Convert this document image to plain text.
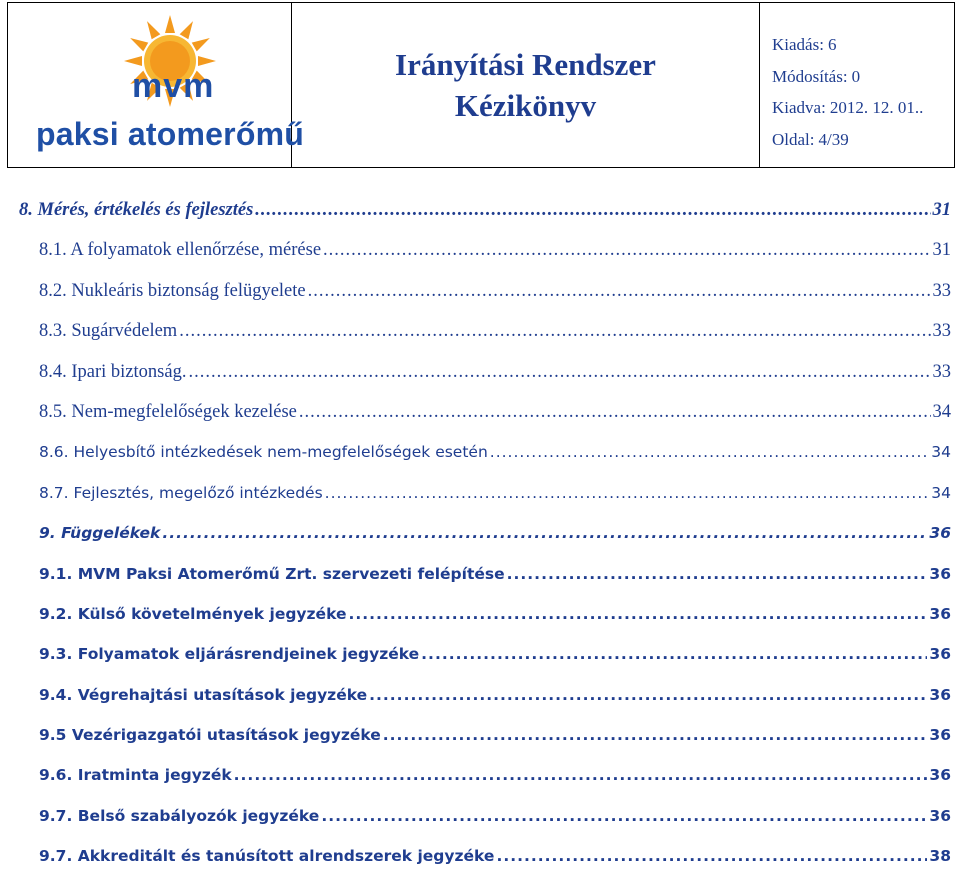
mvm
paksi atomerőmű
Irányítási Rendszer
Kézikönyv
Kiadás: 6
Módosítás: 0
Kiadva: 2012. 12. 01..
Oldal: 4/39
8. Mérés, értékelés és fejlesztés .....	31
8.1. A folyamatok ellenőrzése, mérése .....	31
8.2. Nukleáris biztonság felügyelete .....	33
8.3. Sugárvédelem .....	33
8.4. Ipari biztonság. .....	33
8.5. Nem-megfelelőségek kezelése .....	34
8.6. Helyesbítő intézkedések nem-megfelelőségek esetén .....	34
8.7. Fejlesztés, megelőző intézkedés .....	34
9. Függelékek .....	36
9.1. MVM Paksi Atomerőmű Zrt. szervezeti felépítése .....	36
9.2. Külső követelmények jegyzéke .....	36
9.3. Folyamatok eljárásrendjeinek jegyzéke .....	36
9.4. Végrehajtási utasítások jegyzéke .....	36
9.5 Vezérigazgatói utasítások jegyzéke .....	36
9.6. Iratminta jegyzék .....	36
9.7. Belső szabályozók jegyzéke .....	36
9.7. Akkreditált és tanúsított alrendszerek jegyzéke .....	38
